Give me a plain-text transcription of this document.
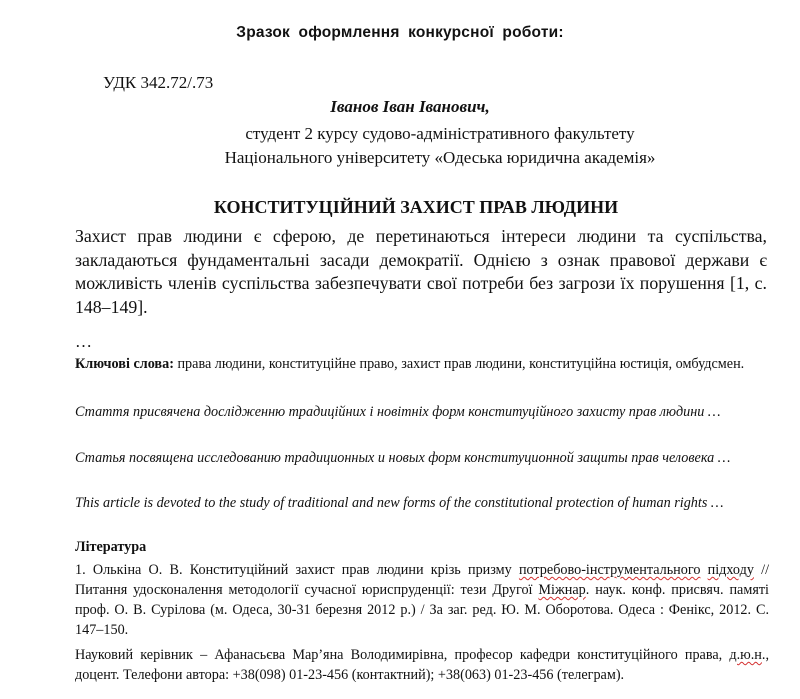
Зразок оформлення конкурсної роботи:
УДК 342.72/.73
Іванов Іван Іванович,
студент 2 курсу судово-адміністративного факультету
Національного університету «Одеська юридична академія»
КОНСТИТУЦІЙНИЙ ЗАХИСТ ПРАВ ЛЮДИНИ
Захист прав людини є сферою, де перетинаються інтереси людини та суспільства, закладаються фундаментальні засади демократії. Однією з ознак правової держави є можливість членів суспільства забезпечувати свої потреби без загрози їх порушення [1, с. 148–149].
…
Ключові слова: права людини, конституційне право, захист прав людини, конституційна юстиція, омбудсмен.
Стаття присвячена дослідженню традиційних і новітніх форм конституційного захисту прав людини …
Статья посвящена исследованию традиционных и новых форм конституционной защиты прав человека …
This article is devoted to the study of traditional and new forms of the constitutional protection of human rights …
Література
1. Олькіна О. В. Конституційний захист прав людини крізь призму потребово-інструментального підходу // Питання удосконалення методології сучасної юриспруденції: тези Другої Міжнар. наук. конф. присвяч. памяті проф. О. В. Сурілова (м. Одеса, 30-31 березня 2012 р.) / За заг. ред. Ю. М. Оборотова. Одеса : Фенікс, 2012. С. 147–150.
Науковий керівник – Афанасьєва Мар’яна Володимирівна, професор кафедри конституційного права, д.ю.н., доцент. Телефони автора: +38(098) 01-23-456 (контактний); +38(063) 01-23-456 (телеграм).
